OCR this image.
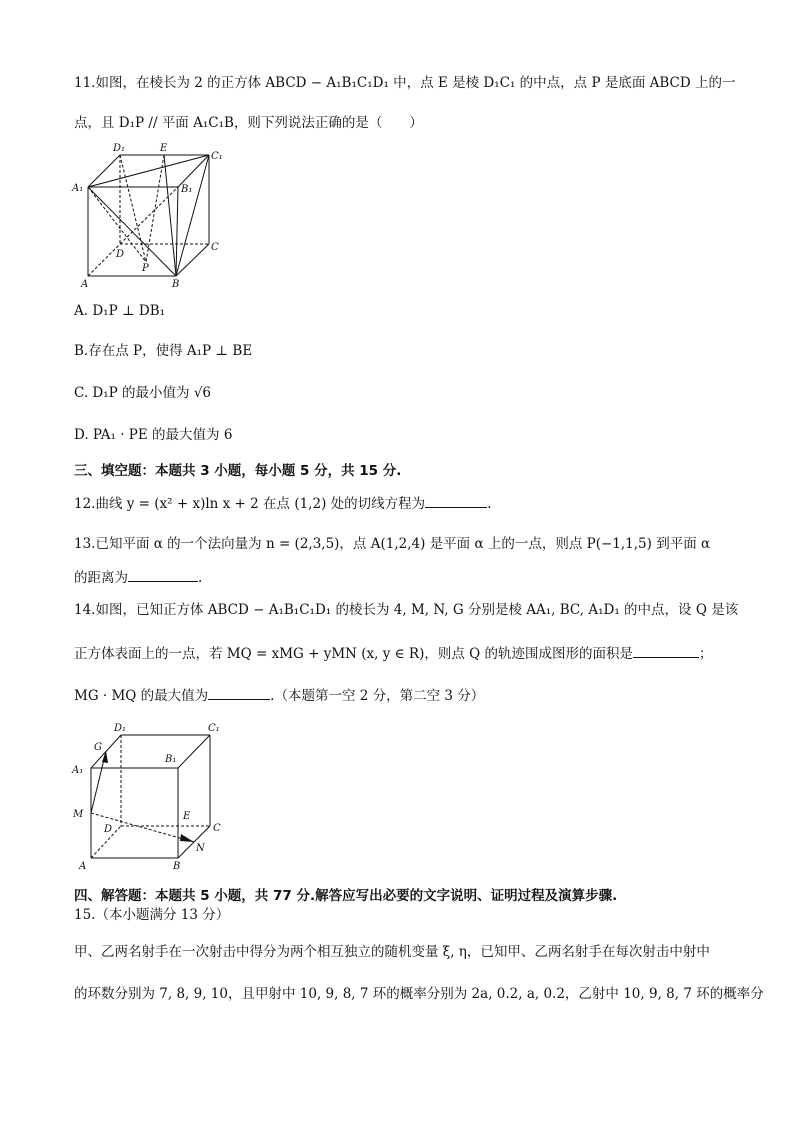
11.如图，在棱长为 2 的正方体 ABCD − A₁B₁C₁D₁ 中，点 E 是棱 D₁C₁ 的中点，点 P 是底面 ABCD 上的一
点，且 D₁P // 平面 A₁C₁B，则下列说法正确的是（　　）
D₁	E
C₁
A₁	B₁
D
P
C
A	B
A. D₁P ⊥ DB₁
B.存在点 P，使得 A₁P ⊥ BE
C. D₁P 的最小值为 √6
D. PA₁ · PE 的最大值为 6
三、填空题：本题共 3 小题，每小题 5 分，共 15 分.
12.曲线 y = (x² + x)ln x + 2 在点 (1,2) 处的切线方程为	.
13.已知平面 α 的一个法向量为 n = (2,3,5)，点 A(1,2,4) 是平面 α 上的一点，则点 P(−1,1,5) 到平面 α
的距离为	.
14.如图，已知正方体 ABCD − A₁B₁C₁D₁ 的棱长为 4, M, N, G 分别是棱 AA₁, BC, A₁D₁ 的中点，设 Q 是该
正方体表面上的一点，若 MQ = xMG + yMN (x, y ∈ R)，则点 Q 的轨迹围成图形的面积是	；
MG · MQ 的最大值为	.（本题第一空 2 分，第二空 3 分）
D₁	C₁
G
B₁
A₁
M	E
D	C
N
A	B
四、解答题：本题共 5 小题，共 77 分.解答应写出必要的文字说明、证明过程及演算步骤.
15.（本小题满分 13 分）
甲、乙两名射手在一次射击中得分为两个相互独立的随机变量 ξ, η，已知甲、乙两名射手在每次射击中射中
的环数分别为 7, 8, 9, 10，且甲射中 10, 9, 8, 7 环的概率分别为 2a, 0.2, a, 0.2，乙射中 10, 9, 8, 7 环的概率分
